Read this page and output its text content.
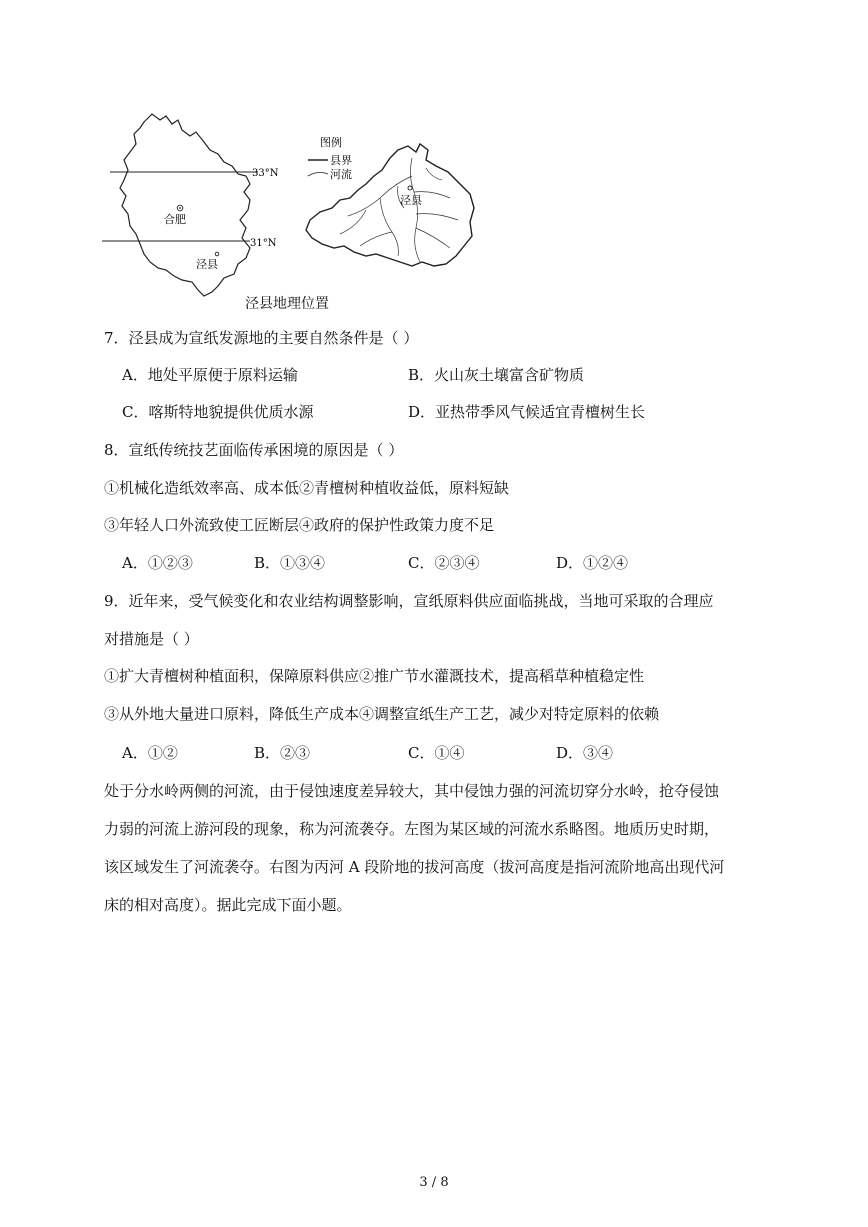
33°N
31°N
合肥
泾县
图例
县界
河流
泾县
泾县地理位置
7．泾县成为宣纸发源地的主要自然条件是（ ）
A．地处平原便于原料运输	B．火山灰土壤富含矿物质
C．喀斯特地貌提供优质水源	D．亚热带季风气候适宜青檀树生长
8．宣纸传统技艺面临传承困境的原因是（ ）
①机械化造纸效率高、成本低②青檀树种植收益低，原料短缺
③年轻人口外流致使工匠断层④政府的保护性政策力度不足
A．①②③	B．①③④	C．②③④	D．①②④
9．近年来，受气候变化和农业结构调整影响，宣纸原料供应面临挑战，当地可采取的合理应
对措施是（ ）
①扩大青檀树种植面积，保障原料供应②推广节水灌溉技术，提高稻草种植稳定性
③从外地大量进口原料，降低生产成本④调整宣纸生产工艺，减少对特定原料的依赖
A．①②	B．②③	C．①④	D．③④
处于分水岭两侧的河流，由于侵蚀速度差异较大，其中侵蚀力强的河流切穿分水岭，抢夺侵蚀
力弱的河流上游河段的现象，称为河流袭夺。左图为某区域的河流水系略图。地质历史时期，
该区域发生了河流袭夺。右图为丙河 A 段阶地的拔河高度（拔河高度是指河流阶地高出现代河
床的相对高度）。据此完成下面小题。
3 / 8
